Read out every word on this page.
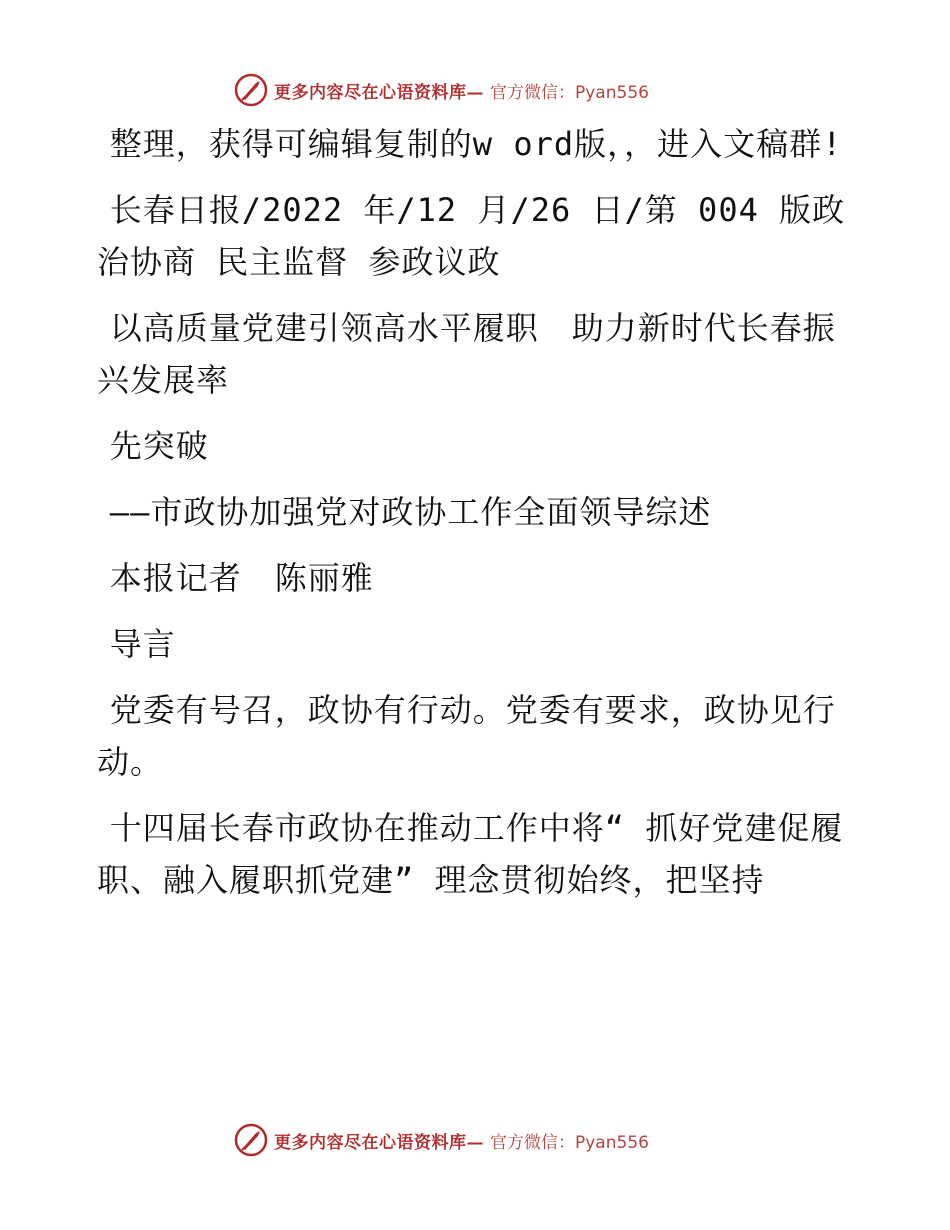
更多内容尽在心语资料库— 官方微信：Pyan556

整理，获得可编辑复制的w ord版，，进入文稿群!

长春日报/2022 年/12 月/26 日/第 004 版政治协商 民主监督 参政议政

以高质量党建引领高水平履职　助力新时代长春振兴发展率

先突破

——市政协加强党对政协工作全面领导综述

本报记者　陈丽雅

导言

党委有号召，政协有行动。党委有要求，政协见行动。

十四届长春市政协在推动工作中将“ 抓好党建促履职、融入履职抓党建” 理念贯彻始终，把坚持

更多内容尽在心语资料库— 官方微信：Pyan556
